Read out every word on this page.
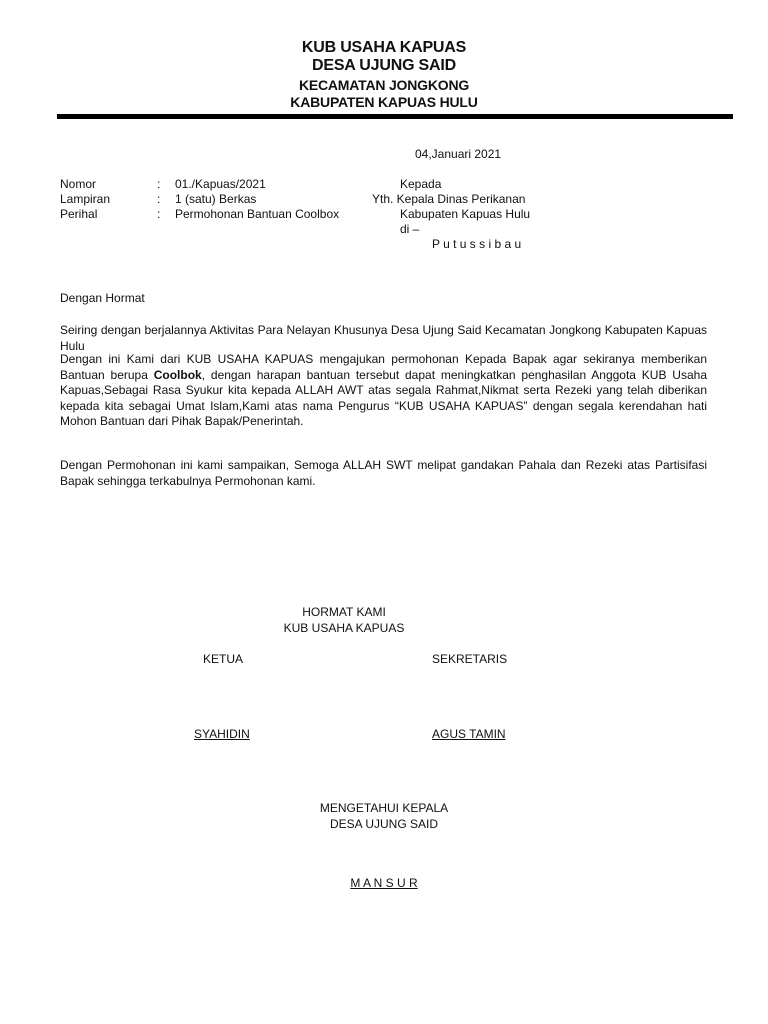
KUB USAHA KAPUAS
DESA UJUNG SAID
KECAMATAN JONGKONG
KABUPATEN KAPUAS HULU
04,Januari 2021
Nomor	: 01./Kapuas/2021
Lampiran	: 1 (satu) Berkas
Perihal	: Permohonan Bantuan Coolbox
Kepada
Yth. Kepala Dinas Perikanan
Kabupaten Kapuas Hulu
di –
P u t u s s i b a u
Dengan Hormat
Seiring dengan berjalannya Aktivitas Para Nelayan Khusunya Desa Ujung Said Kecamatan Jongkong Kabupaten Kapuas Hulu
Dengan ini Kami dari KUB USAHA KAPUAS mengajukan permohonan Kepada Bapak agar sekiranya memberikan Bantuan berupa Coolbok, dengan harapan bantuan tersebut dapat meningkatkan penghasilan Anggota KUB Usaha Kapuas,Sebagai Rasa Syukur kita kepada ALLAH AWT atas segala Rahmat,Nikmat serta Rezeki yang telah diberikan kepada kita sebagai Umat Islam,Kami atas nama Pengurus “KUB USAHA KAPUAS” dengan segala kerendahan hati Mohon Bantuan dari Pihak Bapak/Penerintah.
Dengan Permohonan ini kami sampaikan, Semoga ALLAH SWT melipat gandakan Pahala dan Rezeki atas Partisifasi Bapak sehingga terkabulnya Permohonan kami.
HORMAT KAMI
KUB USAHA KAPUAS
KETUA	SEKRETARIS
SYAHIDIN	AGUS TAMIN
MENGETAHUI KEPALA
DESA UJUNG SAID
M A N S U R
